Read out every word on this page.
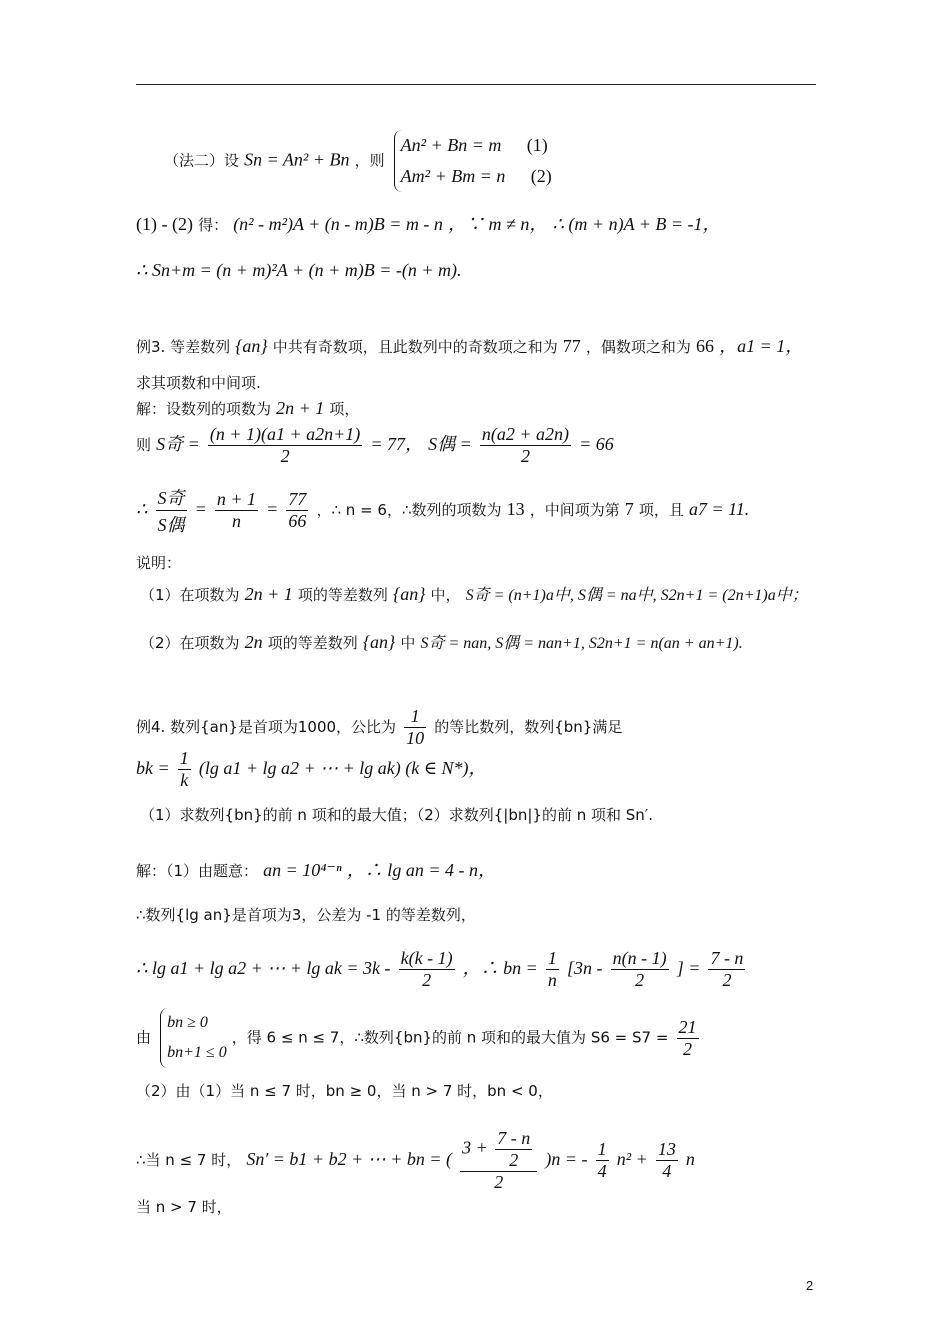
（法二）设 Sn = An² + Bn ，则
An² + Bn = m (1)
Am² + Bm = n (2)
(1) - (2) 得： (n² - m²)A + (n - m)B = m - n ，∵ m ≠ n， ∴ (m + n)A + B = -1，
∴ Sn+m = (n + m)²A + (n + m)B = -(n + m).
例3. 等差数列 {an} 中共有奇数项，且此数列中的奇数项之和为 77 ，偶数项之和为 66 ，a1 = 1，
求其项数和中间项.
解：设数列的项数为 2n + 1 项，
则 S奇 = $\frac{(n + 1)(a1 + a2n+1)}{2} = 77$， S偶 = $\frac{n(a2 + a2n)}{2} = 66$
∴ $\frac{\text{S奇}}{\text{S偶}} = \frac{n + 1}{n} = \frac{77}{66}$ ，∴ n = 6，∴数列的项数为 13 ，中间项为第 7 项，且 a7 = 11.
说明：
（1）在项数为 2n + 1 项的等差数列 {an} 中， S奇 = (n+1)a中, S偶 = na中, S2n+1 = (2n+1)a中；
（2）在项数为 2n 项的等差数列 {an} 中 S奇 = nan, S偶 = nan+1, S2n+1 = n(an + an+1).
例4. 数列{an}是首项为1000，公比为 $\frac{1}{10}$ 的等比数列，数列{bn}满足
bk = $\frac{1}{k} (\lg$ a1 + lg a2 + ⋯ + lg ak) (k ∈ N*)，
（1）求数列{bn}的前 n 项和的最大值；（2）求数列{|bn|}的前 n 项和 Sn′.
解：（1）由题意： an = 10⁴⁻ⁿ ，∴ lg an = 4 - n，
∴数列{lg an}是首项为3，公差为 -1 的等差数列，
∴ lg a1 + lg a2 + ⋯ + lg ak = $3k - \frac{k(k - 1)}{2}$ ，∴ bn = $\frac{1}{n} [3n - \frac{n(n - 1)}{2}$ ] = $\frac{7 - n}{2}$
由
bn ≥ 0
bn+1 ≤ 0
，得 6 ≤ n ≤ 7，∴数列{bn}的前 n 项和的最大值为 $S6 = S7 = \frac{21}{2}$
（2）由（1）当 n ≤ 7 时，bn ≥ 0，当 n > 7 时，bn < 0，
∴当 n ≤ 7 时， Sn′ = b1 + b2 + ⋯ + bn = ( $\frac{3 + \frac{7 - n}{2}}{2} )n$ = - $\frac{1}{4} n^2 + \frac{13}{4}$ n
当 n > 7 时，
2
